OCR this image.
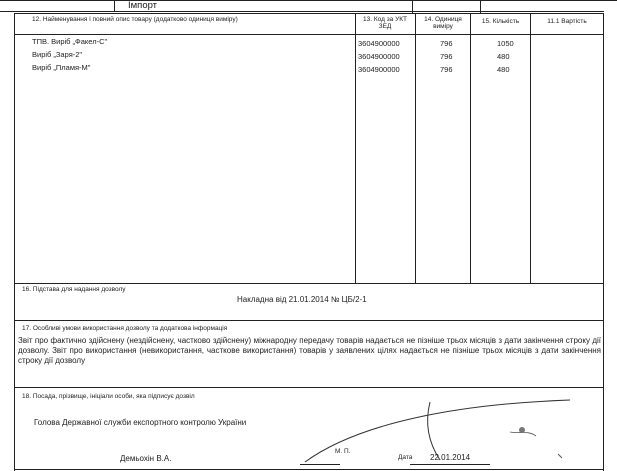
Імпорт
12. Найменування і повний опис товару (додатково одиниця виміру)	13. Код за УКТ ЗЕД
14. Одиниця виміру
15. Кількість	11.1 Вартість
ТПВ. Виріб „Факел-С"	3604900000	796	1050
Виріб „Заря-2"	3604900000	796	480
Виріб „Пламя-М"	3604900000	796	480
16. Підстава для надання дозволу
Накладна від 21.01.2014 № ЦБ/2-1
17. Особливі умови використання дозволу та додаткова інформація
Звіт про фактично здійснену (нездійснену, частково здійснену) міжнародну передачу товарів надається не пізніше трьох місяців з дати закінчення строку дії дозволу. Звіт про використання (невикористання, часткове використання) товарів у заявлених цілях надається не пізніше трьох місяців з дати закінчення строку дії дозволу
18. Посада, прізвище, ініціали особи, яка підписує дозвіл
Голова Державної служби експортного контролю України
Демьохін В.А.
М. П.
Дата 22.01.2014
